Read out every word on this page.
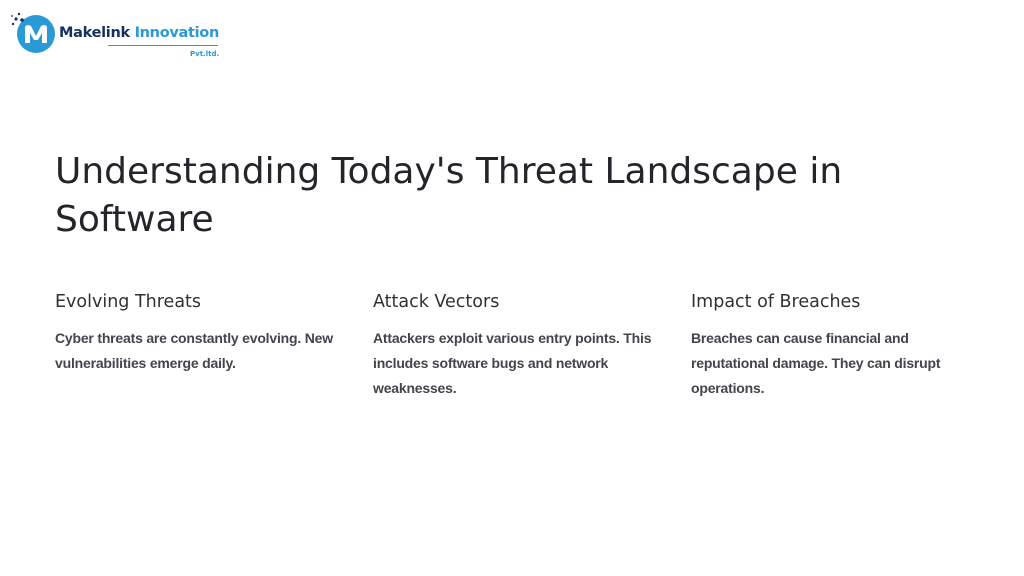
Makelink Innovation
Pvt.ltd.
Understanding Today's Threat Landscape in Software
Evolving Threats

Cyber threats are constantly evolving. New vulnerabilities emerge daily.

Attack Vectors

Attackers exploit various entry points. This includes software bugs and network weaknesses.

Impact of Breaches

Breaches can cause financial and reputational damage. They can disrupt operations.
